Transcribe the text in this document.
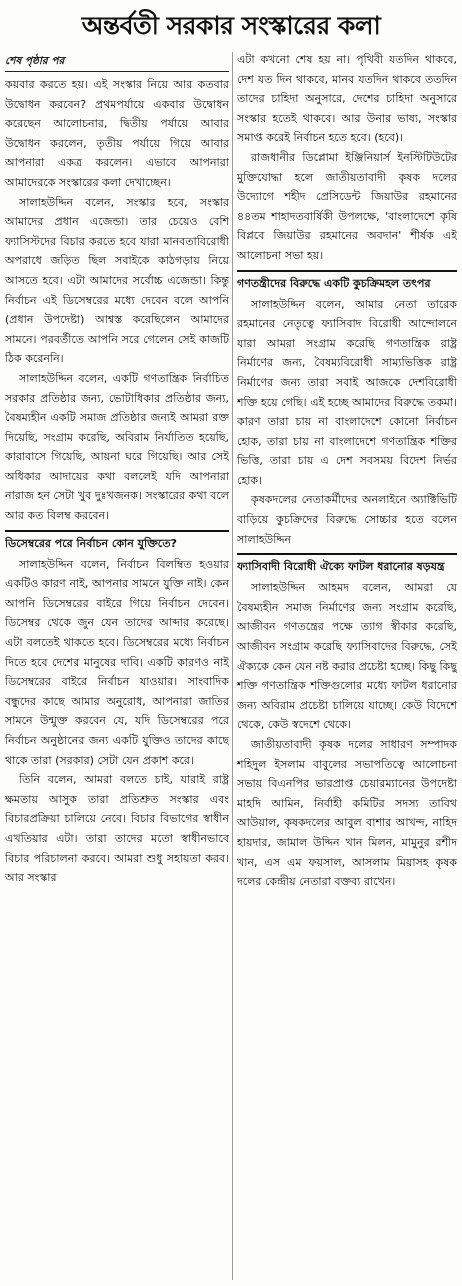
অন্তর্বতী সরকার সংস্কারের কলা
শেষ পৃষ্ঠার পর

কয়বার করতে হয়। এই সংস্কার নিয়ে আর কতবার উদ্বোধন করবেন? প্রথমপর্যায়ে একবার উদ্বোধন করেছেন আলোচনার, দ্বিতীয় পর্যায়ে আবার উদ্বোধন করলেন, তৃতীয় পর্যায়ে গিয়ে আবার আপনারা একত্র করলেন। এভাবে আপনারা আমাদেরকে সংস্কারের কলা দেখাচ্ছেন।

সালাহউদ্দিন বলেন, সংস্কার হবে, সংস্কার আমাদের প্রধান এজেন্ডা। তার চেয়েও বেশি ফ্যাসিস্টদের বিচার করতে হবে যারা মানবতাবিরোধী অপরাধে জড়িত ছিল সবাইকে কাঠগড়ায় নিয়ে আসতে হবে। এটা আমাদের সর্বোচ্চ এজেন্ডা। কিন্তু নির্বাচন এই ডিসেম্বরের মধ্যে দেবেন বলে আপনি (প্রধান উপদেষ্টা) আশ্বস্ত করেছিলেন আমাদের সামনে। পরবর্তীতে আপনি সরে গেলেন সেই কাজটি ঠিক করেননি।

সালাহউদ্দিন বলেন, একটি গণতান্ত্রিক নির্বাচিত সরকার প্রতিষ্ঠার জন্য, ভোটাধিকার প্রতিষ্ঠার জন্য, বৈষম্যহীন একটি সমাজ প্রতিষ্ঠার জন্যই আমরা রক্ত দিয়েছি, সংগ্রাম করেছি, অবিরাম নির্যাতিত হয়েছি, কারাবাসে গিয়েছি, আয়না ঘরে গিয়েছি। আর সেই অধিকার আদায়ের কথা বললেই যদি আপনারা নারাজ হন সেটা খুব দুঃখজনক। সংস্কারের কথা বলে আর কত বিলম্ব করবেন।

ডিসেম্বরের পরে নির্বাচন কোন যুক্তিতে?

সালাহউদ্দিন বলেন, নির্বাচন বিলম্বিত হওয়ার একটিও কারণ নাই, আপনার সামনে যুক্তি নাই। কেন আপনি ডিসেম্বরের বাইরে গিয়ে নির্বাচন দেবেন। ডিসেম্বর থেকে জুন যেন তাদের আব্দার করেছে। এটা বলতেই থাকতে হবে। ডিসেম্বরের মধ্যে নির্বাচন দিতে হবে দেশের মানুষের দাবি। একটি কারণও নাই ডিসেম্বরের বাইরে নির্বাচন যাওয়ার। সাংবাদিক বন্ধুদের কাছে আমার অনুরোধ, আপনারা জাতির সামনে উন্মুক্ত করবেন যে, যদি ডিসেম্বরের পরে নির্বাচন অনুষ্ঠানের জন্য একটি যুক্তিও তাদের কাছে থাকে তারা (সরকার) সেটা যেন প্রকাশ করে।

তিনি বলেন, আমরা বলতে চাই, যারাই রাষ্ট্র ক্ষমতায় আসুক তারা প্রতিশ্রুত সংস্কার এবং বিচারপ্রক্রিয়া চালিয়ে নেবে। বিচার বিভাগের স্বাধীন এখতিয়ার এটা। তারা তাদের মতো স্বাধীনভাবে বিচার পরিচালনা করবে। আমরা শুধু সহায়তা করব। আর সংস্কার

এটা কখনো শেষ হয় না। পৃথিবী যতদিন থাকবে, দেশ যত দিন থাকবে, মানব যতদিন থাকবে ততদিন তাদের চাহিদা অনুসারে, দেশের চাহিদা অনুসারে সংস্কার হতেই থাকবে। আর উনার ভাষ্য, সংস্কার সমাপ্ত করেই নির্বাচন হতে হবে। (হবে)।

রাজধানীর ডিপ্লোমা ইঞ্জিনিয়ার্স ইনস্টিটিউটের মুক্তিযোদ্ধা হলে জাতীয়তাবাদী কৃষক দলের উদ্যোগে শহীদ প্রেসিডেন্ট জিয়াউর রহমানের ৪৪তম শাহাদতবার্ষিকী উপলক্ষে, 'বাংলাদেশে কৃষি বিপ্লবে জিয়াউর রহমানের অবদান' শীর্ষক এই আলোচনা সভা হয়।

গণতন্ত্রীদের বিরুদ্ধে একটি কুচক্রিমহল তৎপর

সালাহউদ্দিন বলেন, আমার নেতা তারেক রহমানের নেতৃত্বে ফ্যাসিবাদ বিরোধী আন্দোলনে যারা আমরা সংগ্রাম করেছি গণতান্ত্রিক রাষ্ট্র নির্মাণের জন্য, বৈষম্যবিরোধী সাম্যভিত্তিক রাষ্ট্র নির্মাণের জন্য তারা সবাই আজকে দেশবিরোধী শক্তি হয়ে গেছি। এই হচ্ছে আমাদের বিরুদ্ধে তকমা। কারণ তারা চায় না বাংলাদেশে কোনো নির্বাচন হোক, তারা চায় না বাংলাদেশে গণতান্ত্রিক শক্তির ভিত্তি, তারা চায় এ দেশ সবসময় বিদেশ নির্ভর হোক।

কৃষকদলের নেতাকর্মীদের অনলাইনে অ্যাক্টিভিটি বাড়িয়ে কুচক্রিদের বিরুদ্ধে সোচ্চার হতে বলেন সালাহউদ্দিন

ফ্যাসিবাদী বিরোধী ঐক্যে ফাটল ধরানোর ষড়যন্ত্র

সালাহউদ্দিন আহমদ বলেন, আমরা যে বৈষম্যহীন সমাজ নির্মাণের জন্য সংগ্রাম করেছি, আজীবন গণতন্ত্রের পক্ষে ত্যাগ স্বীকার করেছি, আজীবন সংগ্রাম করেছি ফ্যাসিবাদের বিরুদ্ধে, সেই ঐক্যকে কেন যেন নষ্ট করার প্রচেষ্টা হচ্ছে। কিছু কিছু শক্তি গণতান্ত্রিক শক্তিগুলোর মধ্যে ফাটল ধরানোর জন্য অবিরাম প্রচেষ্টা চালিয়ে যাচ্ছে। কেউ বিদেশে থেকে, কেউ স্বদেশে থেকে।

জাতীয়তাবাদী কৃষক দলের সাধারণ সম্পাদক শহিদুল ইসলাম বাবুলের সভাপতিত্বে আলোচনা সভায় বিএনপির ভারপ্রাপ্ত চেয়ারম্যানের উপদেষ্টা মাহদি আমিন, নির্বাহী কমিটির সদস্য তাবিথ আউয়াল, কৃষকদলের আবুল বাশার আখন্দ, নাহিদ হায়দার, জামাল উদ্দিন খান মিলন, মামুনুর রশীদ খান, এস এম ফয়সাল, আসলাম মিয়াসহ কৃষক দলের কেন্দ্রীয় নেতারা বক্তব্য রাখেন।
